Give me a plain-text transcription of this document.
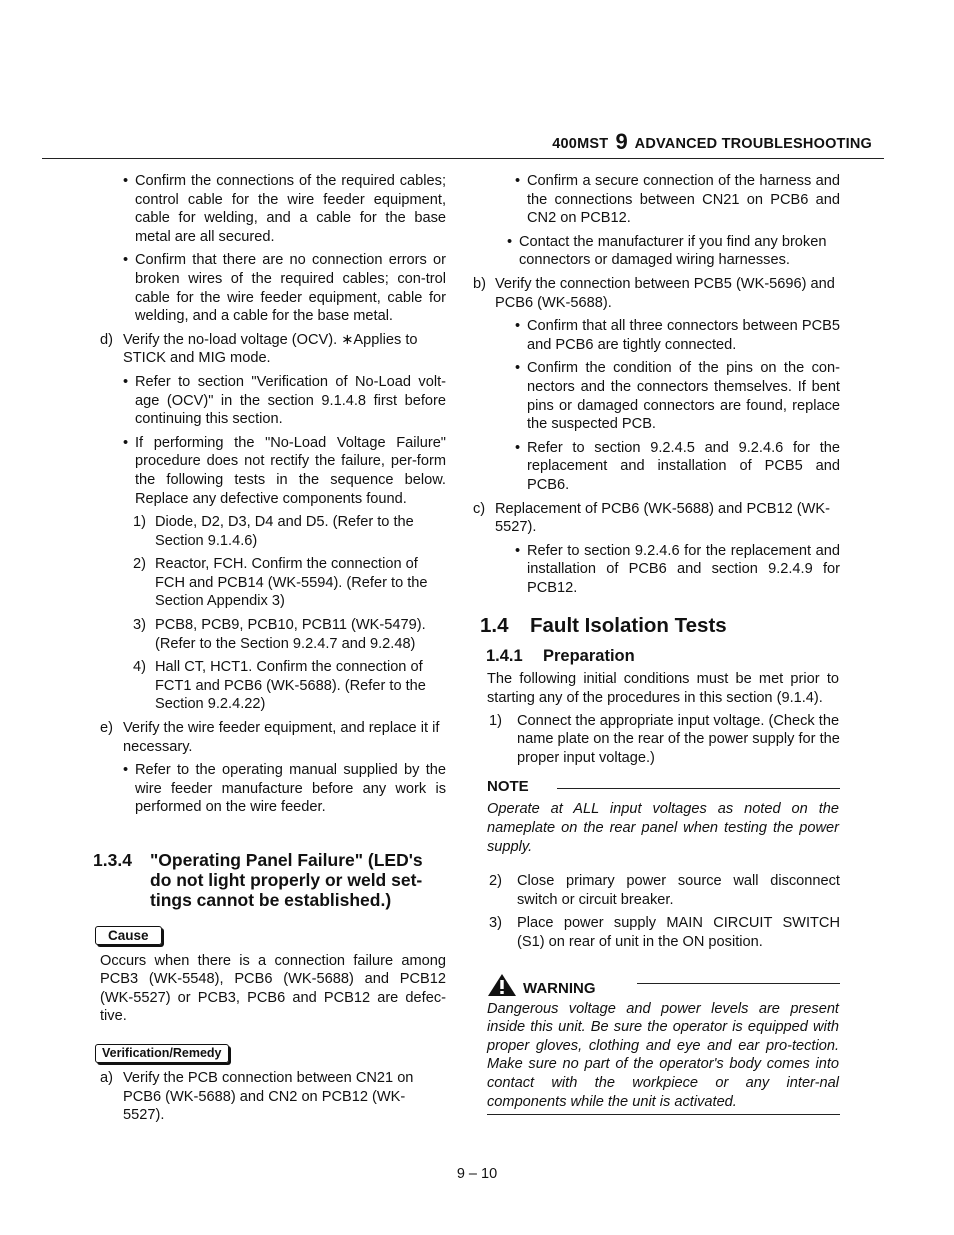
400MST 9 ADVANCED TROUBLESHOOTING
• Confirm the connections of the required cables; control cable for the wire feeder equipment, cable for welding, and a cable for the base metal are all secured.
• Confirm that there are no connection errors or broken wires of the required cables; con-trol cable for the wire feeder equipment, cable for welding, and a cable for the base metal.
d) Verify the no-load voltage (OCV). ∗Applies to STICK and MIG mode.
• Refer to section "Verification of No-Load volt-age (OCV)" in the section 9.1.4.8 first before continuing this section.
• If performing the "No-Load Voltage Failure" procedure does not rectify the failure, per-form the following tests in the sequence below. Replace any defective components found.
1) Diode, D2, D3, D4 and D5. (Refer to the Section 9.1.4.6)
2) Reactor, FCH. Confirm the connection of FCH and PCB14 (WK-5594). (Refer to the Section Appendix 3)
3) PCB8, PCB9, PCB10, PCB11 (WK-5479). (Refer to the Section 9.2.4.7 and 9.2.48)
4) Hall CT, HCT1. Confirm the connection of FCT1 and PCB6 (WK-5688). (Refer to the Section 9.2.4.22)
e) Verify the wire feeder equipment, and replace it if necessary.
• Refer to the operating manual supplied by the wire feeder manufacture before any work is performed on the wire feeder.
1.3.4 "Operating Panel Failure" (LED's do not light properly or weld set-tings cannot be established.)
Cause
Occurs when there is a connection failure among PCB3 (WK-5548), PCB6 (WK-5688) and PCB12 (WK-5527) or PCB3, PCB6 and PCB12 are defec-tive.
Verification/Remedy
a) Verify the PCB connection between CN21 on PCB6 (WK-5688) and CN2 on PCB12 (WK-5527).
• Confirm a secure connection of the harness and the connections between CN21 on PCB6 and CN2 on PCB12.
• Contact the manufacturer if you find any broken connectors or damaged wiring harnesses.
b) Verify the connection between PCB5 (WK-5696) and PCB6 (WK-5688).
• Confirm that all three connectors between PCB5 and PCB6 are tightly connected.
• Confirm the condition of the pins on the con-nectors and the connectors themselves. If bent pins or damaged connectors are found, replace the suspected PCB.
• Refer to section 9.2.4.5 and 9.2.4.6 for the replacement and installation of PCB5 and PCB6.
c) Replacement of PCB6 (WK-5688) and PCB12 (WK-5527).
• Refer to section 9.2.4.6 for the replacement and installation of PCB6 and section 9.2.4.9 for PCB12.
1.4 Fault Isolation Tests
1.4.1 Preparation
The following initial conditions must be met prior to starting any of the procedures in this section (9.1.4).
1) Connect the appropriate input voltage. (Check the name plate on the rear of the power supply for the proper input voltage.)
NOTE
Operate at ALL input voltages as noted on the nameplate on the rear panel when testing the power supply.
2) Close primary power source wall disconnect switch or circuit breaker.
3) Place power supply MAIN CIRCUIT SWITCH (S1) on rear of unit in the ON position.
WARNING
Dangerous voltage and power levels are present inside this unit. Be sure the operator is equipped with proper gloves, clothing and eye and ear pro-tection. Make sure no part of the operator's body comes into contact with the workpiece or any inter-nal components while the unit is activated.
9 – 10
